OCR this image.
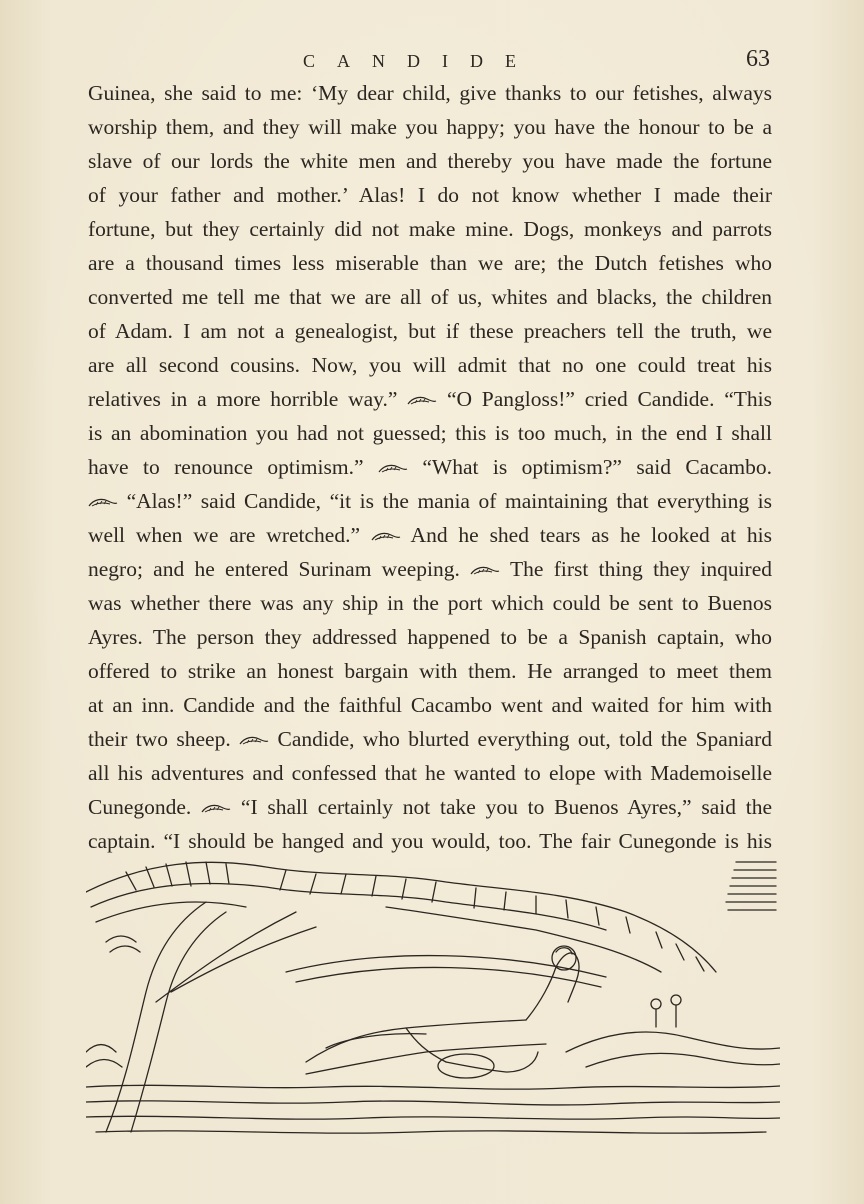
CANDIDE	63
Guinea, she said to me: ‘My dear child, give thanks to our fetishes, always
worship them, and they will make you happy; you have the honour to be a
slave of our lords the white men and thereby you have made the fortune
of your father and mother.’ Alas! I do not know whether I made their
fortune, but they certainly did not make mine. Dogs, monkeys and parrots
are a thousand times less miserable than we are; the Dutch fetishes who
converted me tell me that we are all of us, whites and blacks, the children
of Adam. I am not a genealogist, but if these preachers tell the truth, we
are all second cousins. Now, you will admit that no one could treat his
relatives in a more horrible way.” “O Pangloss!” cried Candide. “This
is an abomination you had not guessed; this is too much, in the end I shall
have to renounce optimism.”	“What is optimism?” said Cacambo.
“Alas!” said Candide, “it is the mania of maintaining that everything is
well when we are wretched.” And he shed tears as he looked at his
negro; and he entered Surinam weeping. The first thing they inquired
was whether there was any ship in the port which could be sent to Buenos
Ayres. The person they addressed happened to be a Spanish captain, who
offered to strike an honest bargain with them. He arranged to meet them
at an inn. Candide and the faithful Cacambo went and waited for him with
their two sheep. Candide, who blurted everything out, told the Spaniard
all his adventures and confessed that he wanted to elope with Mademoiselle
Cunegonde. “I shall certainly not take you to Buenos Ayres,” said the
captain. “I should be hanged and you would, too. The fair Cunegonde is his
